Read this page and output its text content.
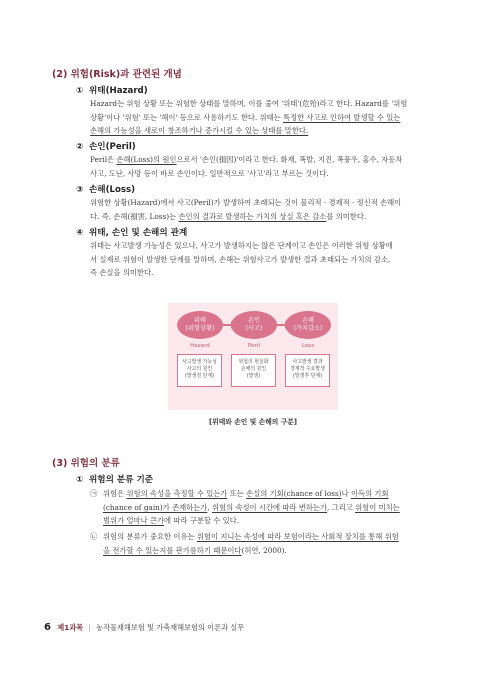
(2) 위험(Risk)과 관련된 개념
① 위태(Hazard)
Hazard는 위험 상황 또는 위험한 상태를 말하며, 이를 줄여 '위태'(危殆)라고 한다. Hazard를 '위험
상황'이나 '위험' 또는 '해이' 등으로 사용하기도 한다. 위태는 특정한 사고로 인하여 발생할 수 있는
손해의 가능성을 새로이 창조하거나 증가시킬 수 있는 상태를 말한다.
② 손인(Peril)
Peril은 손해(Loss)의 원인으로서 '손인(損因)'이라고 한다. 화재, 폭발, 지진, 폭풍우, 홍수, 자동차
사고, 도난, 사망 등이 바로 손인이다. 일반적으로 '사고'라고 부르는 것이다.
③ 손해(Loss)
위험한 상황(Hazard)에서 사고(Peril)가 발생하여 초래되는 것이 물리적 · 경제적 · 정신적 손해이
다. 즉, 손해(損害, Loss)는 손인의 결과로 발생하는 가치의 상실 혹은 감소를 의미한다.
④ 위태, 손인 및 손해의 관계
위태는 사고발생 가능성은 있으나, 사고가 발생하지는 않은 단계이고 손인은 이러한 위험 상황에
서 실제로 위험이 발생한 단계를 말하며, 손해는 위험사고가 발생한 결과 초래되는 가치의 감소,
즉 손실을 의미한다.
위태
(위험상황)
손인
(사고)
손해
(가치감소)
Hazard	Peril	Loss
사고발생 가능성
사고의 원인
(발생전 단계)
위험의 현실화
손해의 원인
(발생)
사고발생 결과
경제적 수요발생
(발생후 단계)
[위태와 손인 및 손해의 구분]
(3) 위험의 분류
① 위험의 분류 기준
㉠ 위험은 위험의 속성을 측정할 수 있는가 또는 손실의 기회(chance of loss)나 이득의 기회
(chance of gain)가 존재하는가, 위험의 속성이 시간에 따라 변하는가, 그리고 위험이 미치는
범위가 얼마나 큰가에 따라 구분할 수 있다.
㉡ 위험의 분류가 중요한 이유는 위험이 지니는 속성에 따라 보험이라는 사회적 장치를 통해 위험
을 전가할 수 있는지를 판가름하기 때문이다(허연, 2000).
6 제1과목 | 농작물재해보험 및 가축재해보험의 이론과 실무
